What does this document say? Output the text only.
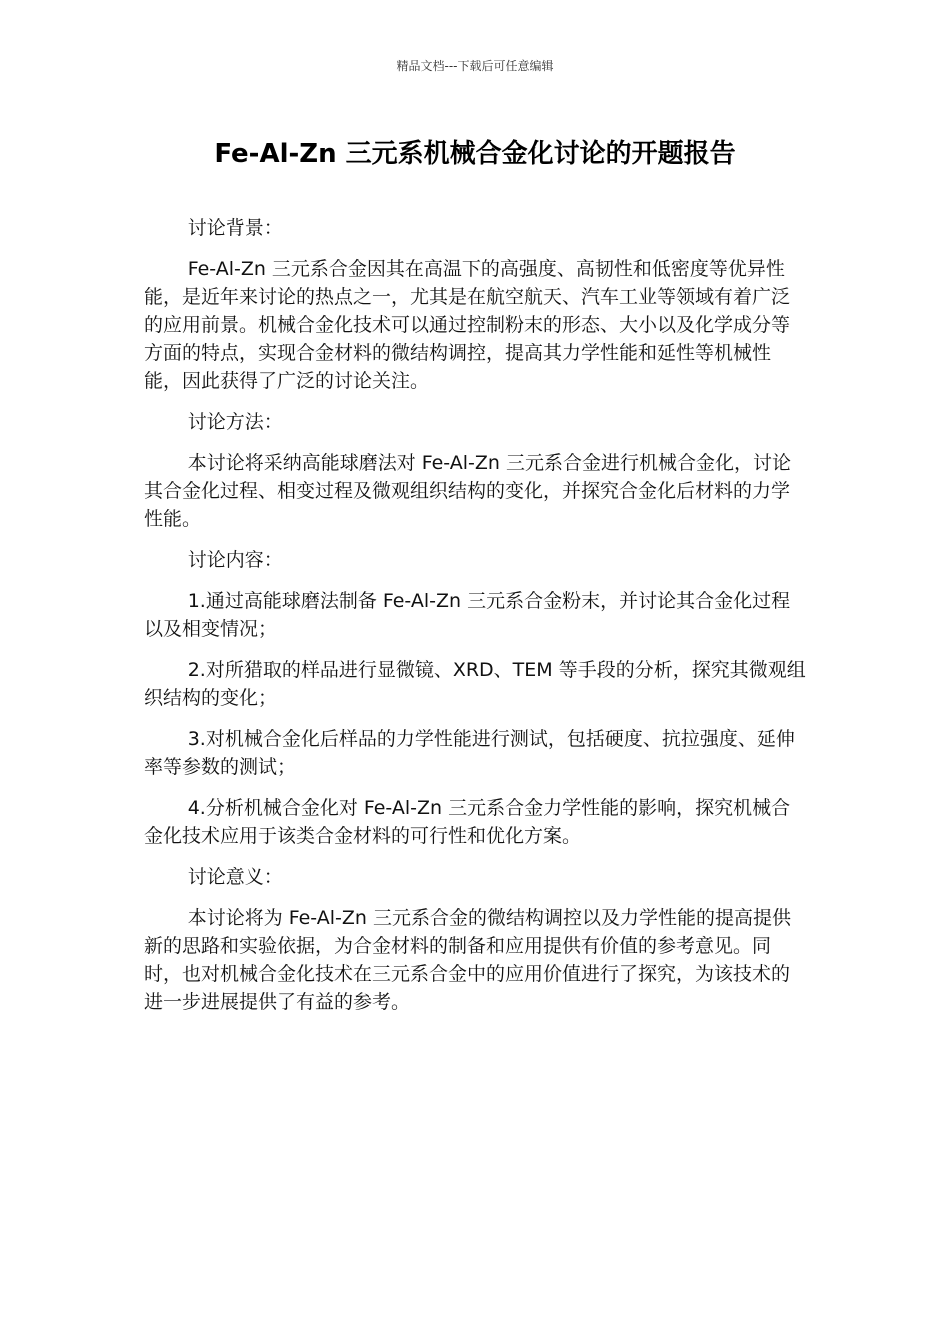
精品文档---下载后可任意编辑
Fe-Al-Zn 三元系机械合金化讨论的开题报告

讨论背景：

Fe-Al-Zn 三元系合金因其在高温下的高强度、高韧性和低密度等优异性能，是近年来讨论的热点之一，尤其是在航空航天、汽车工业等领域有着广泛的应用前景。机械合金化技术可以通过控制粉末的形态、大小以及化学成分等方面的特点，实现合金材料的微结构调控，提高其力学性能和延性等机械性能，因此获得了广泛的讨论关注。

讨论方法：

本讨论将采纳高能球磨法对 Fe-Al-Zn 三元系合金进行机械合金化，讨论其合金化过程、相变过程及微观组织结构的变化，并探究合金化后材料的力学性能。

讨论内容：

1.通过高能球磨法制备 Fe-Al-Zn 三元系合金粉末，并讨论其合金化过程以及相变情况；

2.对所猎取的样品进行显微镜、XRD、TEM 等手段的分析，探究其微观组织结构的变化；

3.对机械合金化后样品的力学性能进行测试，包括硬度、抗拉强度、延伸率等参数的测试；

4.分析机械合金化对 Fe-Al-Zn 三元系合金力学性能的影响，探究机械合金化技术应用于该类合金材料的可行性和优化方案。

讨论意义：

本讨论将为 Fe-Al-Zn 三元系合金的微结构调控以及力学性能的提高提供新的思路和实验依据，为合金材料的制备和应用提供有价值的参考意见。同时，也对机械合金化技术在三元系合金中的应用价值进行了探究，为该技术的进一步进展提供了有益的参考。
